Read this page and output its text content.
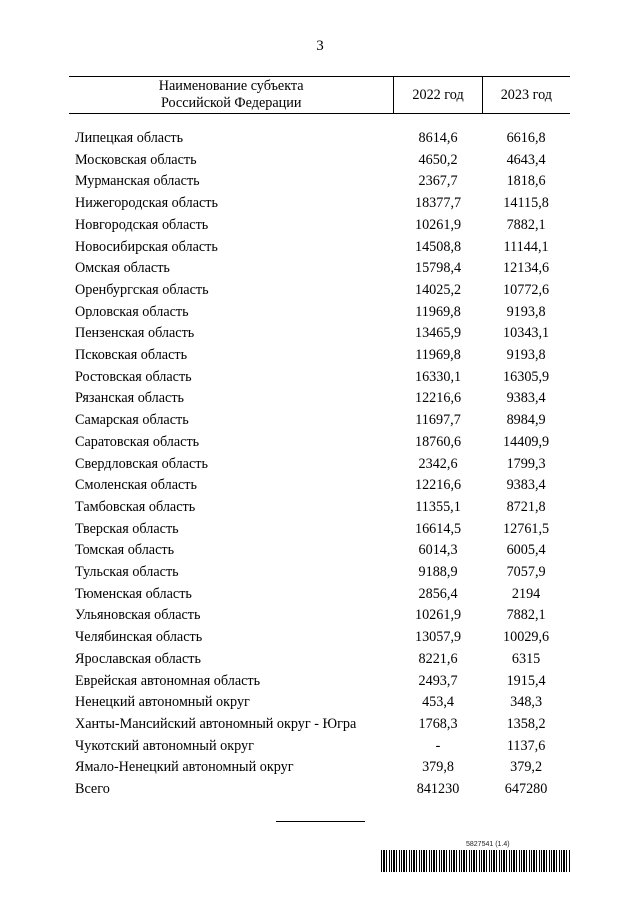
3
Наименование субъекта
Российской Федерации	2022 год	2023 год

Липецкая область	8614,6	6616,8
Московская область	4650,2	4643,4
Мурманская область	2367,7	1818,6
Нижегородская область	18377,7	14115,8
Новгородская область	10261,9	7882,1
Новосибирская область	14508,8	11144,1
Омская область	15798,4	12134,6
Оренбургская область	14025,2	10772,6
Орловская область	11969,8	9193,8
Пензенская область	13465,9	10343,1
Псковская область	11969,8	9193,8
Ростовская область	16330,1	16305,9
Рязанская область	12216,6	9383,4
Самарская область	11697,7	8984,9
Саратовская область	18760,6	14409,9
Свердловская область	2342,6	1799,3
Смоленская область	12216,6	9383,4
Тамбовская область	11355,1	8721,8
Тверская область	16614,5	12761,5
Томская область	6014,3	6005,4
Тульская область	9188,9	7057,9
Тюменская область	2856,4	2194
Ульяновская область	10261,9	7882,1
Челябинская область	13057,9	10029,6
Ярославская область	8221,6	6315
Еврейская автономная область	2493,7	1915,4
Ненецкий автономный округ	453,4	348,3
Ханты-Мансийский автономный округ - Югра	1768,3	1358,2
Чукотский автономный округ	-	1137,6
Ямало-Ненецкий автономный округ	379,8	379,2
Всего	841230	647280
5827541 (1.4)
